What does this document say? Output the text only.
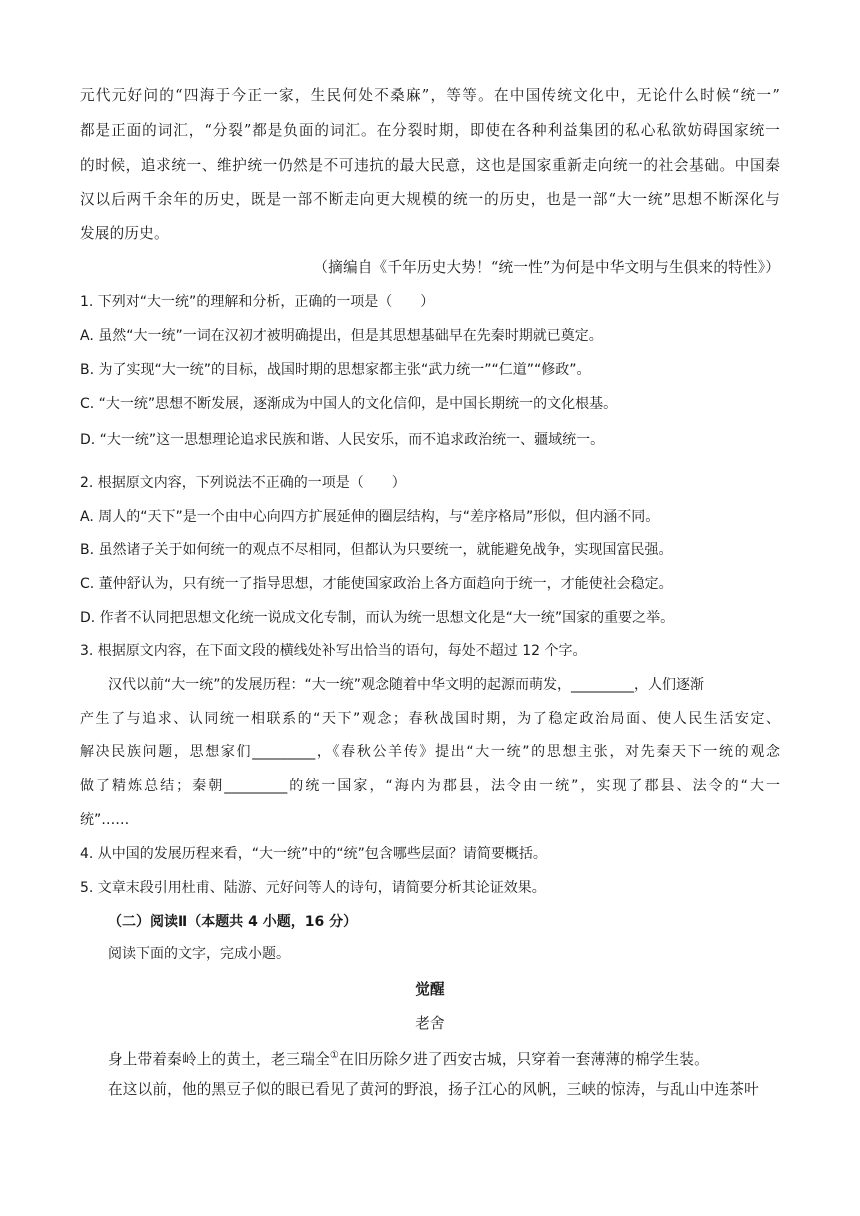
元代元好问的“四海于今正一家，生民何处不桑麻”，等等。在中国传统文化中，无论什么时候“统一”
都是正面的词汇，“分裂”都是负面的词汇。在分裂时期，即使在各种利益集团的私心私欲妨碍国家统一
的时候，追求统一、维护统一仍然是不可违抗的最大民意，这也是国家重新走向统一的社会基础。中国秦
汉以后两千余年的历史，既是一部不断走向更大规模的统一的历史，也是一部“大一统”思想不断深化与
发展的历史。
（摘编自《千年历史大势！“统一性”为何是中华文明与生俱来的特性》）
1. 下列对“大一统”的理解和分析，正确的一项是（　　）
A. 虽然“大一统”一词在汉初才被明确提出，但是其思想基础早在先秦时期就已奠定。
B. 为了实现“大一统”的目标，战国时期的思想家都主张“武力统一”“仁道”“修政”。
C. “大一统”思想不断发展，逐渐成为中国人的文化信仰，是中国长期统一的文化根基。
D. “大一统”这一思想理论追求民族和谐、人民安乐，而不追求政治统一、疆域统一。
2. 根据原文内容，下列说法不正确的一项是（　　）
A. 周人的“天下”是一个由中心向四方扩展延伸的圈层结构，与“差序格局”形似，但内涵不同。
B. 虽然诸子关于如何统一的观点不尽相同，但都认为只要统一，就能避免战争，实现国富民强。
C. 董仲舒认为，只有统一了指导思想，才能使国家政治上各方面趋向于统一，才能使社会稳定。
D. 作者不认同把思想文化统一说成文化专制，而认为统一思想文化是“大一统”国家的重要之举。
3. 根据原文内容，在下面文段的横线处补写出恰当的语句，每处不超过 12 个字。
汉代以前“大一统”的发展历程：“大一统”观念随着中华文明的起源而萌发，_________，人们逐渐
产生了与追求、认同统一相联系的“天下”观念；春秋战国时期，为了稳定政治局面、使人民生活安定、
解决民族问题，思想家们_________，《春秋公羊传》提出“大一统”的思想主张，对先秦天下一统的观念
做了精炼总结；秦朝_________的统一国家，“海内为郡县，法令由一统”，实现了郡县、法令的“大一
统”……
4. 从中国的发展历程来看，“大一统”中的“统”包含哪些层面？请简要概括。
5. 文章末段引用杜甫、陆游、元好问等人的诗句，请简要分析其论证效果。
（二）阅读Ⅱ（本题共 4 小题，16 分）
阅读下面的文字，完成小题。
觉醒
老舍
身上带着秦岭上的黄土，老三瑞全①在旧历除夕进了西安古城，只穿着一套薄薄的棉学生装。
在这以前，他的黑豆子似的眼已看见了黄河的野浪，扬子江心的风帆，三峡的惊涛，与乱山中连茶叶
